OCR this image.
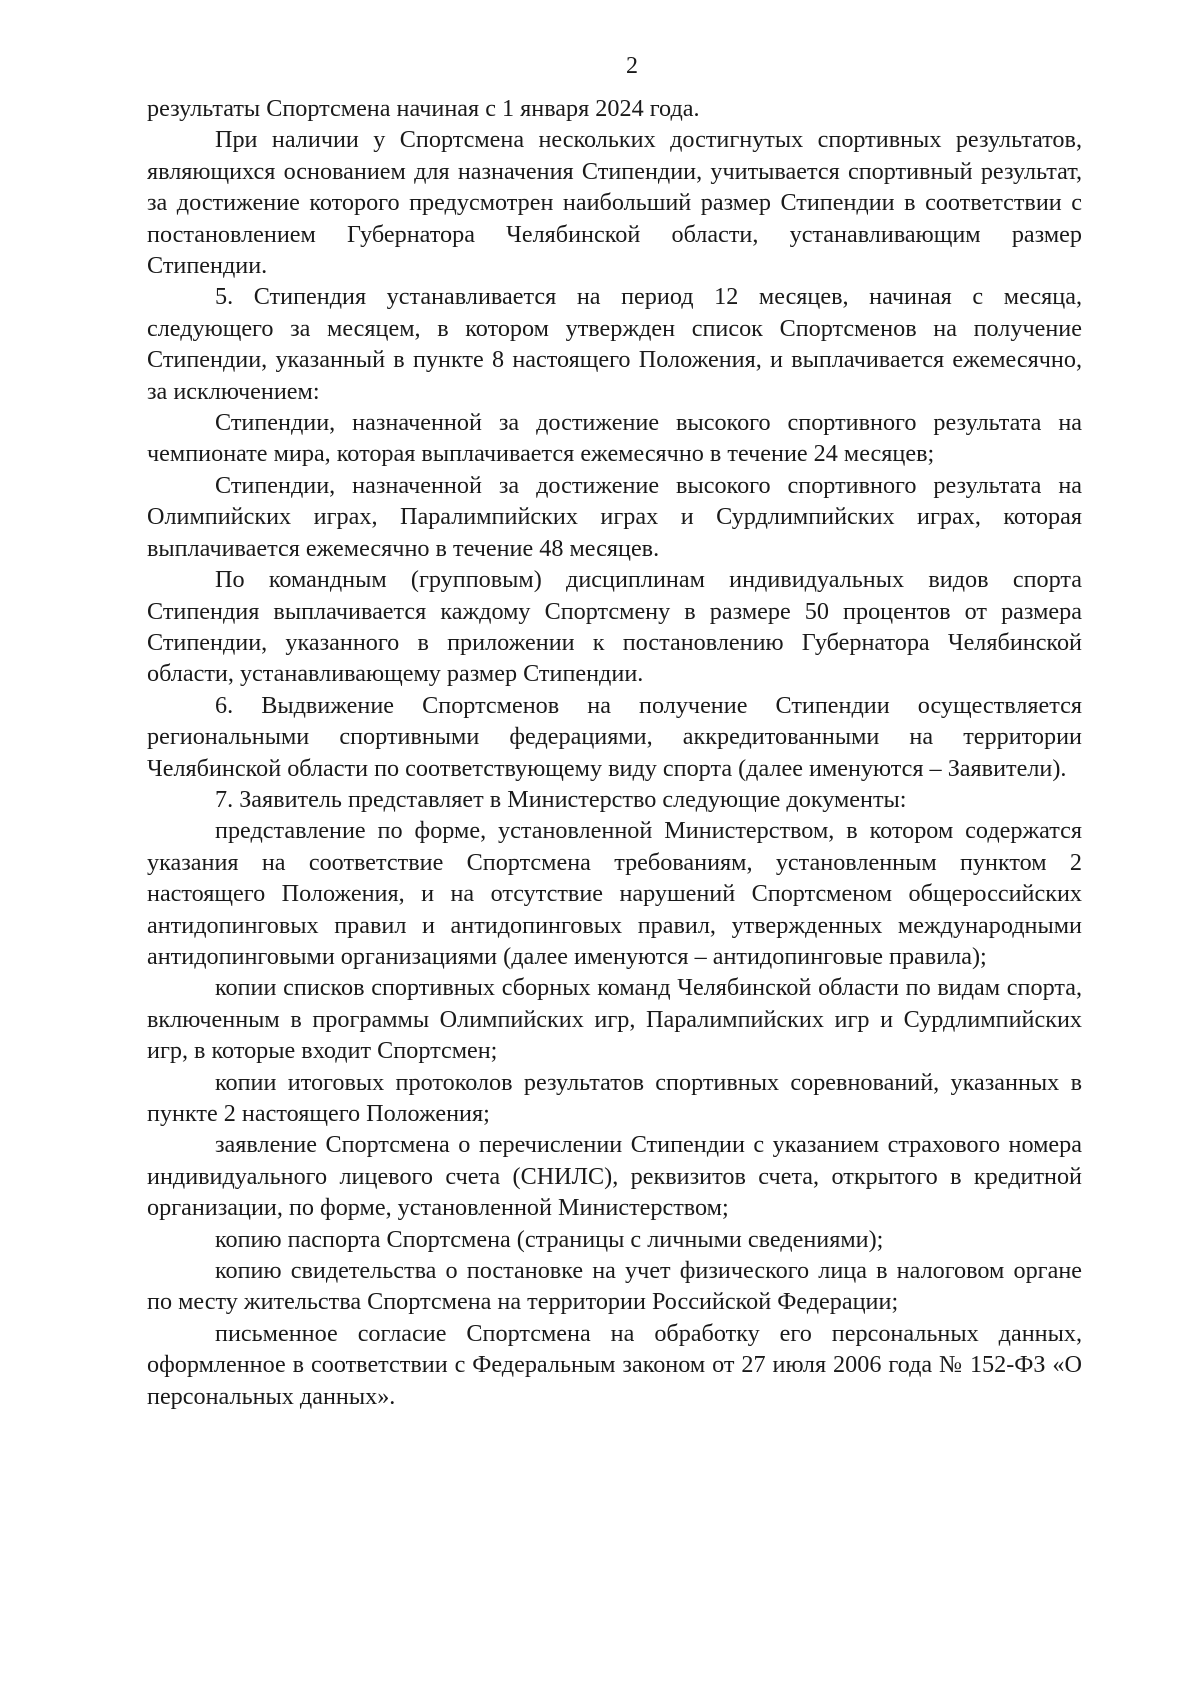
2

результаты Спортсмена начиная с 1 января 2024 года.

При наличии у Спортсмена нескольких достигнутых спортивных результатов, являющихся основанием для назначения Стипендии, учитывается спортивный результат, за достижение которого предусмотрен наибольший размер Стипендии в соответствии с постановлением Губернатора Челябинской области, устанавливающим размер Стипендии.

5. Стипендия устанавливается на период 12 месяцев, начиная с месяца, следующего за месяцем, в котором утвержден список Спортсменов на получение Стипендии, указанный в пункте 8 настоящего Положения, и выплачивается ежемесячно, за исключением:

Стипендии, назначенной за достижение высокого спортивного результата на чемпионате мира, которая выплачивается ежемесячно в течение 24 месяцев;

Стипендии, назначенной за достижение высокого спортивного результата на Олимпийских играх, Паралимпийских играх и Сурдлимпийских играх, которая выплачивается ежемесячно в течение 48 месяцев.

По командным (групповым) дисциплинам индивидуальных видов спорта Стипендия выплачивается каждому Спортсмену в размере 50 процентов от размера Стипендии, указанного в приложении к постановлению Губернатора Челябинской области, устанавливающему размер Стипендии.

6. Выдвижение Спортсменов на получение Стипендии осуществляется региональными спортивными федерациями, аккредитованными на территории Челябинской области по соответствующему виду спорта (далее именуются – Заявители).

7. Заявитель представляет в Министерство следующие документы:

представление по форме, установленной Министерством, в котором содержатся указания на соответствие Спортсмена требованиям, установленным пунктом 2 настоящего Положения, и на отсутствие нарушений Спортсменом общероссийских антидопинговых правил и антидопинговых правил, утвержденных международными антидопинговыми организациями (далее именуются – антидопинговые правила);

копии списков спортивных сборных команд Челябинской области по видам спорта, включенным в программы Олимпийских игр, Паралимпийских игр и Сурдлимпийских игр, в которые входит Спортсмен;

копии итоговых протоколов результатов спортивных соревнований, указанных в пункте 2 настоящего Положения;

заявление Спортсмена о перечислении Стипендии с указанием страхового номера индивидуального лицевого счета (СНИЛС), реквизитов счета, открытого в кредитной организации, по форме, установленной Министерством;

копию паспорта Спортсмена (страницы с личными сведениями);

копию свидетельства о постановке на учет физического лица в налоговом органе по месту жительства Спортсмена на территории Российской Федерации;

письменное согласие Спортсмена на обработку его персональных данных, оформленное в соответствии с Федеральным законом от 27 июля 2006 года № 152-ФЗ «О персональных данных».
